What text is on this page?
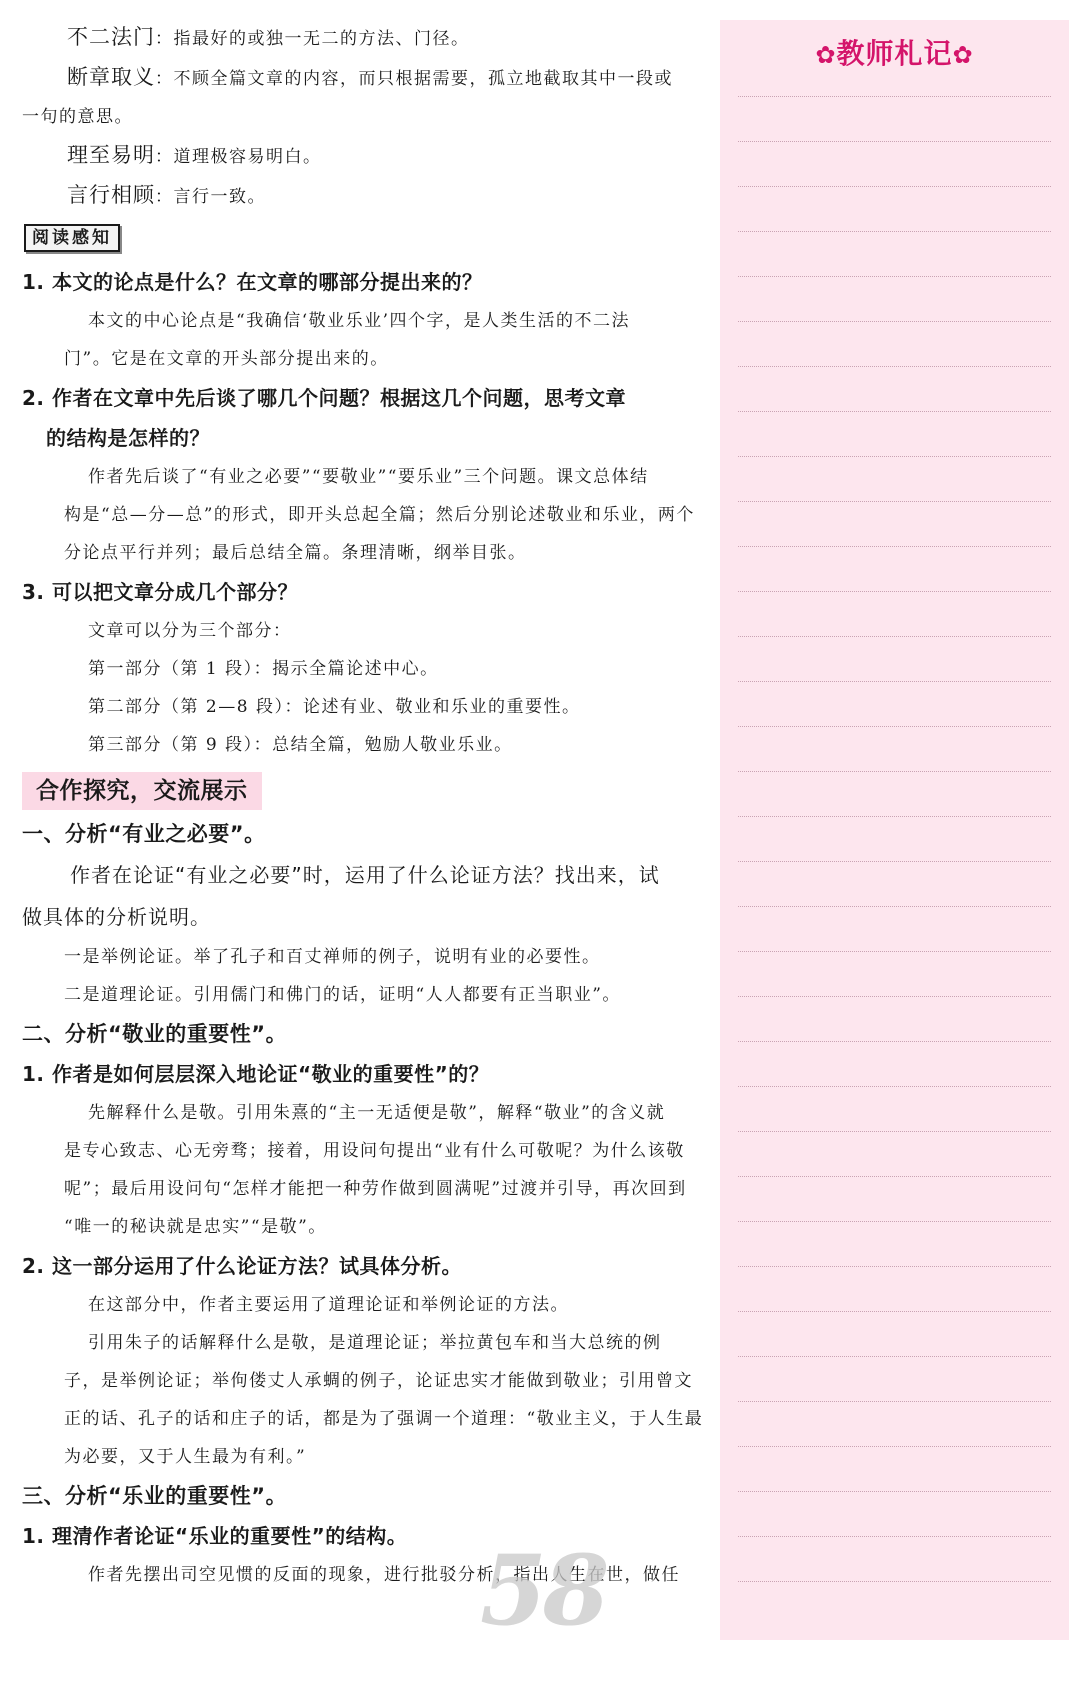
不二法门：指最好的或独一无二的方法、门径。

断章取义：不顾全篇文章的内容，而只根据需要，孤立地截取其中一段或

一句的意思。

理至易明：道理极容易明白。

言行相顾：言行一致。

阅读感知

1. 本文的论点是什么？在文章的哪部分提出来的？

本文的中心论点是“我确信‘敬业乐业’四个字，是人类生活的不二法

门”。它是在文章的开头部分提出来的。

2. 作者在文章中先后谈了哪几个问题？根据这几个问题，思考文章

的结构是怎样的？

作者先后谈了“有业之必要”“要敬业”“要乐业”三个问题。课文总体结

构是“总—分—总”的形式，即开头总起全篇；然后分别论述敬业和乐业，两个

分论点平行并列；最后总结全篇。条理清晰，纲举目张。

3. 可以把文章分成几个部分？

文章可以分为三个部分：

第一部分（第 1 段）：揭示全篇论述中心。

第二部分（第 2—8 段）：论述有业、敬业和乐业的重要性。

第三部分（第 9 段）：总结全篇，勉励人敬业乐业。

合作探究，交流展示

一、分析“有业之必要”。

作者在论证“有业之必要”时，运用了什么论证方法？找出来，试

做具体的分析说明。

一是举例论证。举了孔子和百丈禅师的例子，说明有业的必要性。

二是道理论证。引用儒门和佛门的话，证明“人人都要有正当职业”。

二、分析“敬业的重要性”。

1. 作者是如何层层深入地论证“敬业的重要性”的？

先解释什么是敬。引用朱熹的“主一无适便是敬”，解释“敬业”的含义就

是专心致志、心无旁骛；接着，用设问句提出“业有什么可敬呢？为什么该敬

呢”；最后用设问句“怎样才能把一种劳作做到圆满呢”过渡并引导，再次回到

“唯一的秘诀就是忠实”“是敬”。

2. 这一部分运用了什么论证方法？试具体分析。

在这部分中，作者主要运用了道理论证和举例论证的方法。

引用朱子的话解释什么是敬，是道理论证；举拉黄包车和当大总统的例

子，是举例论证；举佝偻丈人承蜩的例子，论证忠实才能做到敬业；引用曾文

正的话、孔子的话和庄子的话，都是为了强调一个道理：“敬业主义，于人生最

为必要，又于人生最为有利。”

三、分析“乐业的重要性”。

1. 理清作者论证“乐业的重要性”的结构。

作者先摆出司空见惯的反面的现象，进行批驳分析，指出人生在世，做任

✿教师札记✿
58
